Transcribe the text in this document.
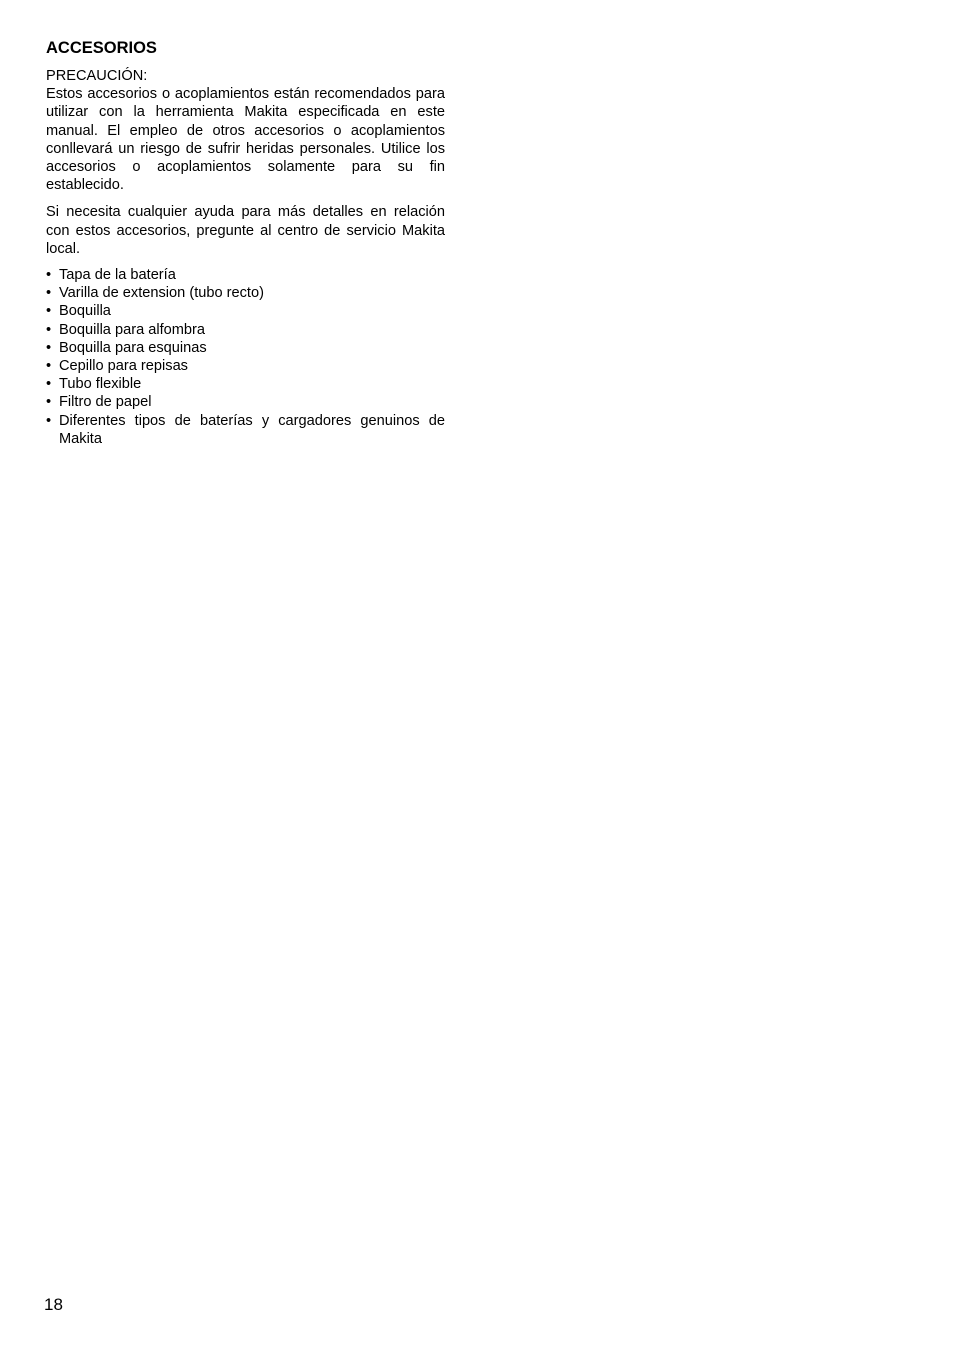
ACCESORIOS

PRECAUCIÓN:
Estos accesorios o acoplamientos están recomendados para utilizar con la herramienta Makita especificada en este manual. El empleo de otros accesorios o acoplamientos conllevará un riesgo de sufrir heridas personales. Utilice los accesorios o acoplamientos solamente para su fin establecido.

Si necesita cualquier ayuda para más detalles en relación con estos accesorios, pregunte al centro de servicio Makita local.

• Tapa de la batería
• Varilla de extension (tubo recto)
• Boquilla
• Boquilla para alfombra
• Boquilla para esquinas
• Cepillo para repisas
• Tubo flexible
• Filtro de papel
• Diferentes tipos de baterías y cargadores genuinos de Makita
18
